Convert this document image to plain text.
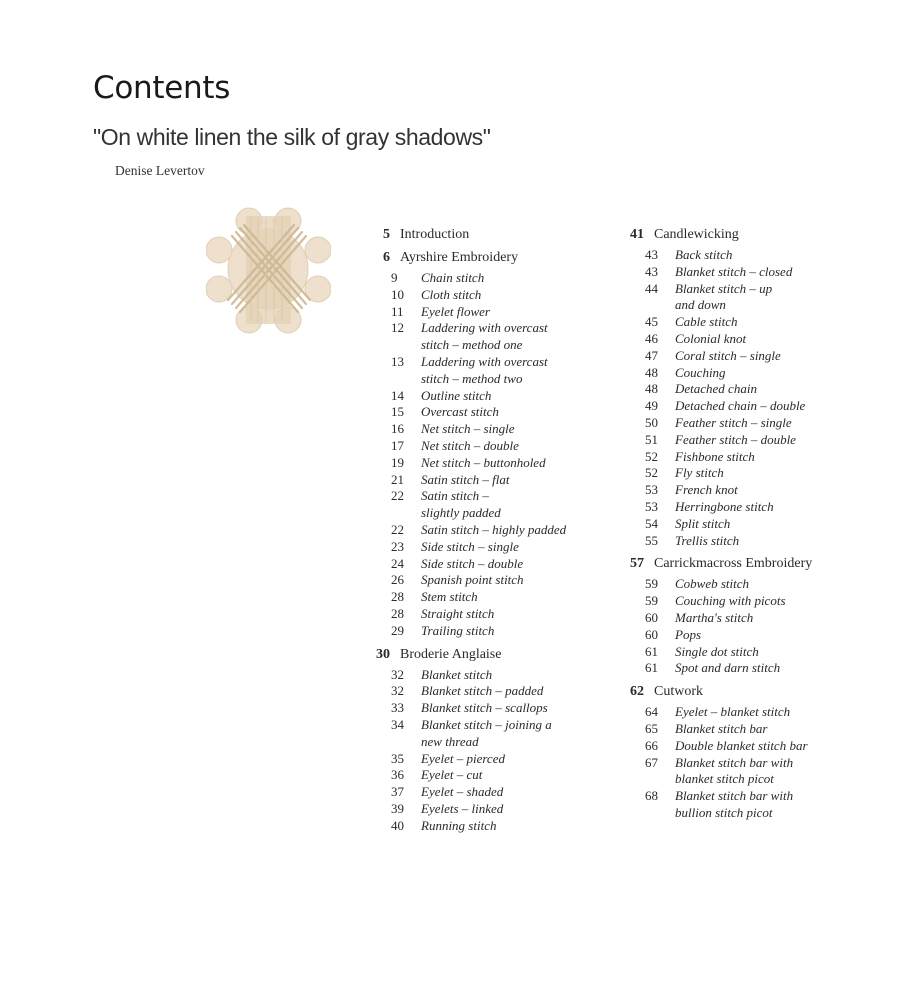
Contents
"On white linen the silk of gray shadows"
Denise Levertov
5 Introduction
6 Ayrshire Embroidery
9	Chain stitch
10	Cloth stitch
11	Eyelet flower
12	Laddering with overcast
stitch – method one
13	Laddering with overcast
stitch – method two
14	Outline stitch
15	Overcast stitch
16	Net stitch – single
17	Net stitch – double
19	Net stitch – buttonholed
21	Satin stitch – flat
22	Satin stitch –
slightly padded
22	Satin stitch – highly padded
23	Side stitch – single
24	Side stitch – double
26	Spanish point stitch
28	Stem stitch
28	Straight stitch
29	Trailing stitch
30 Broderie Anglaise
32	Blanket stitch
32	Blanket stitch – padded
33	Blanket stitch – scallops
34	Blanket stitch – joining a
new thread
35	Eyelet – pierced
36	Eyelet – cut
37	Eyelet – shaded
39	Eyelets – linked
40	Running stitch
41 Candlewicking
43	Back stitch
43	Blanket stitch – closed
44	Blanket stitch – up
and down
45	Cable stitch
46	Colonial knot
47	Coral stitch – single
48	Couching
48	Detached chain
49	Detached chain – double
50	Feather stitch – single
51	Feather stitch – double
52	Fishbone stitch
52	Fly stitch
53	French knot
53	Herringbone stitch
54	Split stitch
55	Trellis stitch
57 Carrickmacross Embroidery
59	Cobweb stitch
59	Couching with picots
60	Martha's stitch
60	Pops
61	Single dot stitch
61	Spot and darn stitch
62 Cutwork
64	Eyelet – blanket stitch
65	Blanket stitch bar
66	Double blanket stitch bar
67	Blanket stitch bar with
blanket stitch picot
68	Blanket stitch bar with
bullion stitch picot
